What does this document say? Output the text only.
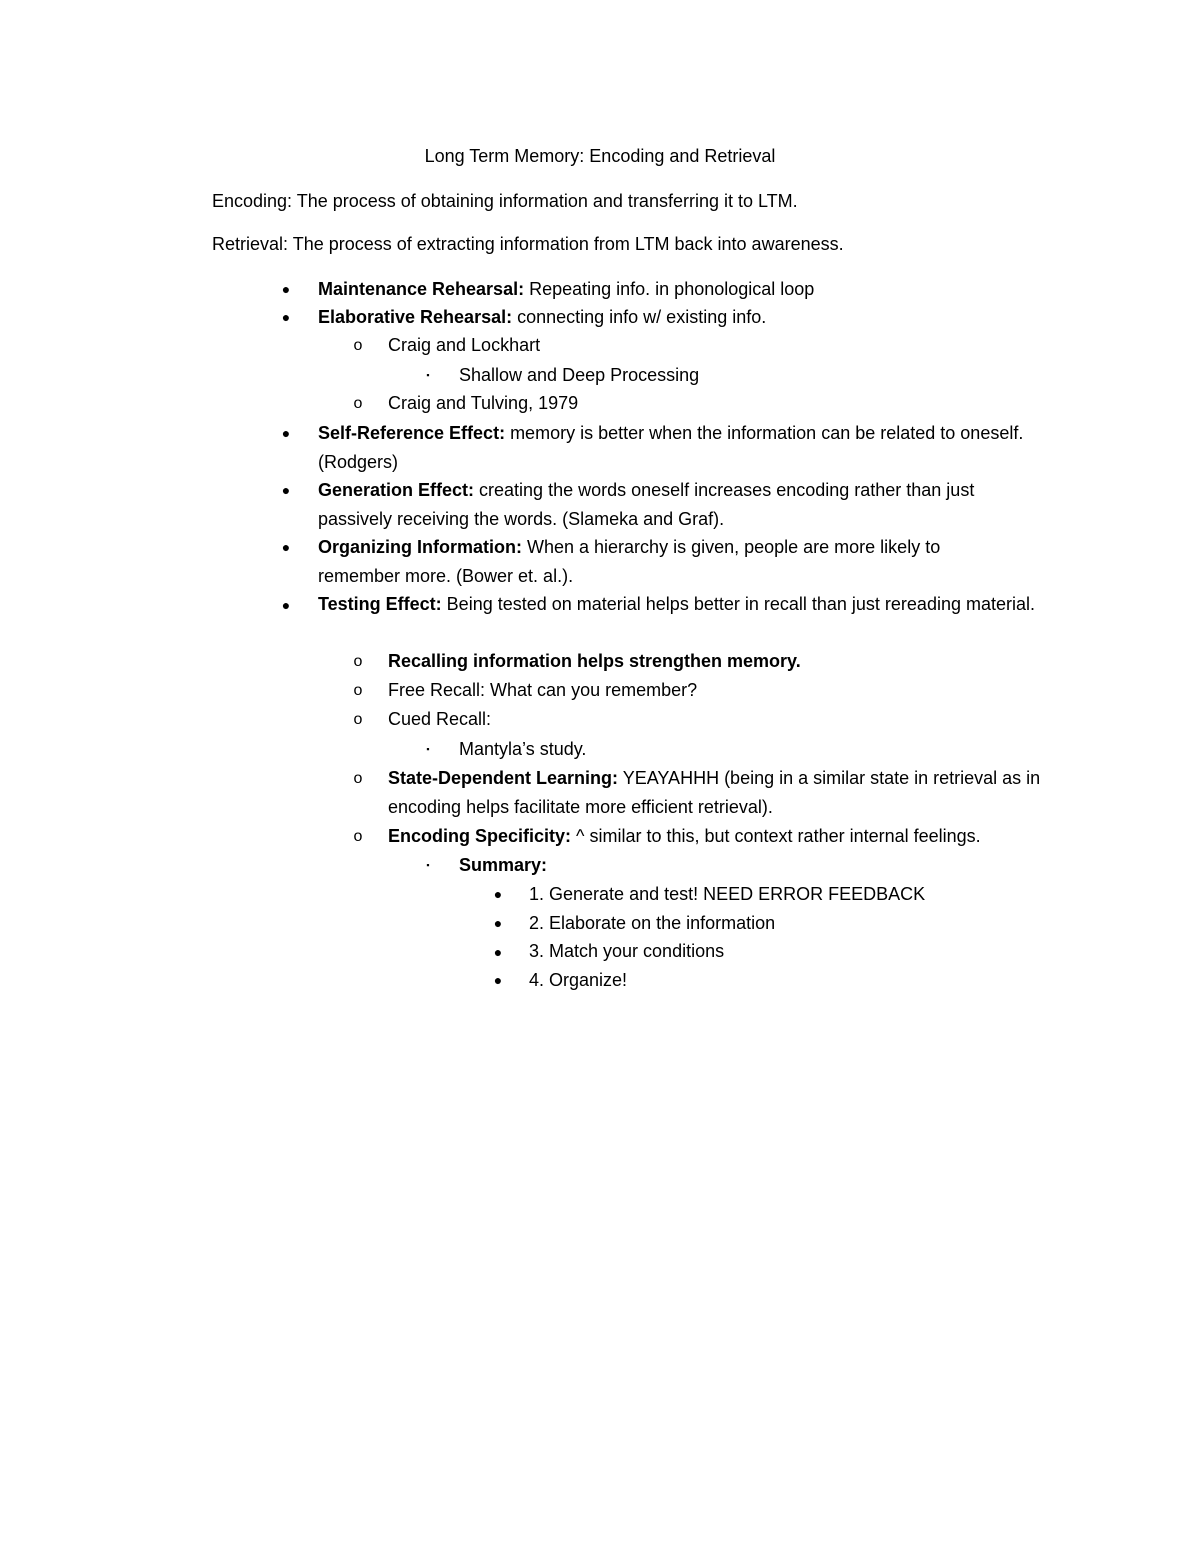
Long Term Memory: Encoding and Retrieval
Encoding: The process of obtaining information and transferring it to LTM.
Retrieval: The process of extracting information from LTM back into awareness.
●	Maintenance Rehearsal: Repeating info. in phonological loop
●	Elaborative Rehearsal: connecting info w/ existing info.
o	Craig and Lockhart
▪	Shallow and Deep Processing
o	Craig and Tulving, 1979
●	Self-Reference Effect: memory is better when the information can be related to oneself. (Rodgers)
●	Generation Effect: creating the words oneself increases encoding rather than just passively receiving the words. (Slameka and Graf).
●	Organizing Information: When a hierarchy is given, people are more likely to remember more. (Bower et. al.).
●	Testing Effect: Being tested on material helps better in recall than just rereading material.
o	Recalling information helps strengthen memory.
o	Free Recall: What can you remember?
o	Cued Recall:
▪	Mantyla’s study.
o	State-Dependent Learning: YEAYAHHH (being in a similar state in retrieval as in encoding helps facilitate more efficient retrieval).
o	Encoding Specificity: ^ similar to this, but context rather internal feelings.
▪	Summary:
●	1. Generate and test! NEED ERROR FEEDBACK
●	2. Elaborate on the information
●	3. Match your conditions
●	4. Organize!
